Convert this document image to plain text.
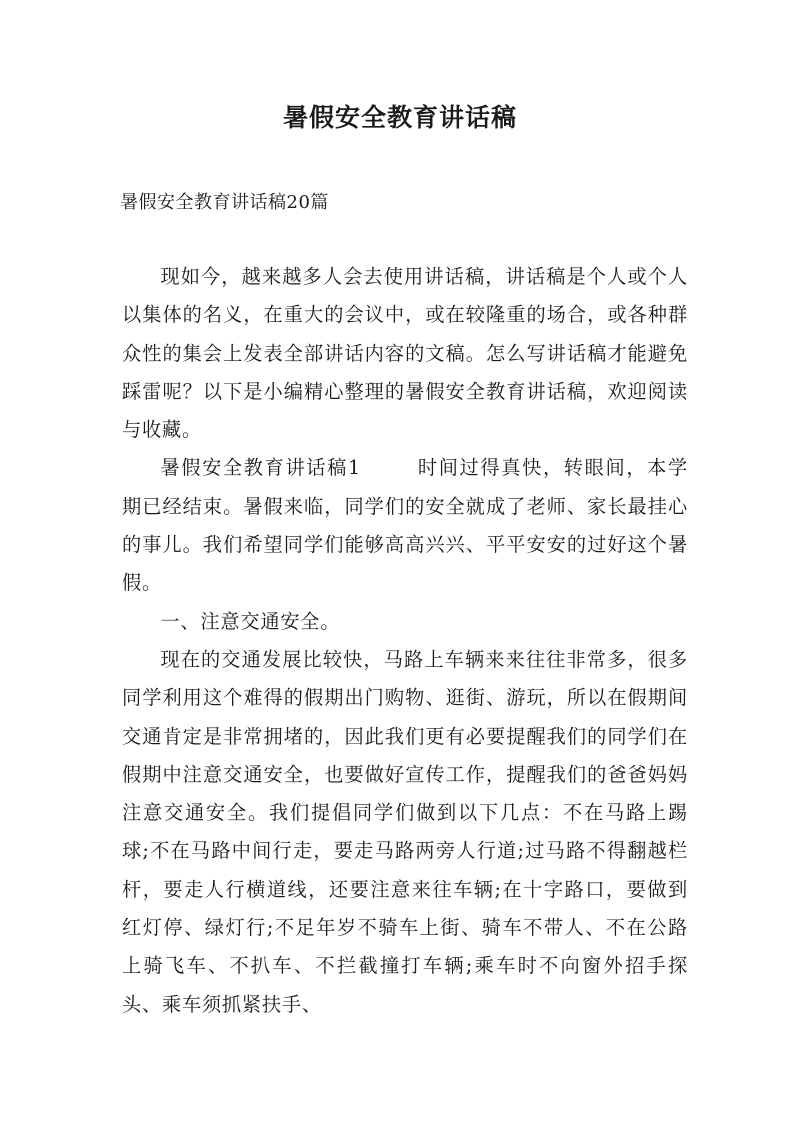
暑假安全教育讲话稿
暑假安全教育讲话稿20篇

现如今，越来越多人会去使用讲话稿，讲话稿是个人或个人以集体的名义，在重大的会议中，或在较隆重的场合，或各种群众性的集会上发表全部讲话内容的文稿。怎么写讲话稿才能避免踩雷呢？以下是小编精心整理的暑假安全教育讲话稿，欢迎阅读与收藏。

暑假安全教育讲话稿1	时间过得真快，转眼间，本学期已经结束。暑假来临，同学们的安全就成了老师、家长最挂心的事儿。我们希望同学们能够高高兴兴、平平安安的过好这个暑假。

一、注意交通安全。

现在的交通发展比较快，马路上车辆来来往往非常多，很多同学利用这个难得的假期出门购物、逛街、游玩，所以在假期间交通肯定是非常拥堵的，因此我们更有必要提醒我们的同学们在假期中注意交通安全，也要做好宣传工作，提醒我们的爸爸妈妈注意交通安全。我们提倡同学们做到以下几点：不在马路上踢球;不在马路中间行走，要走马路两旁人行道;过马路不得翻越栏杆，要走人行横道线，还要注意来往车辆;在十字路口，要做到红灯停、绿灯行;不足年岁不骑车上街、骑车不带人、不在公路上骑飞车、不扒车、不拦截撞打车辆;乘车时不向窗外招手探头、乘车须抓紧扶手、
